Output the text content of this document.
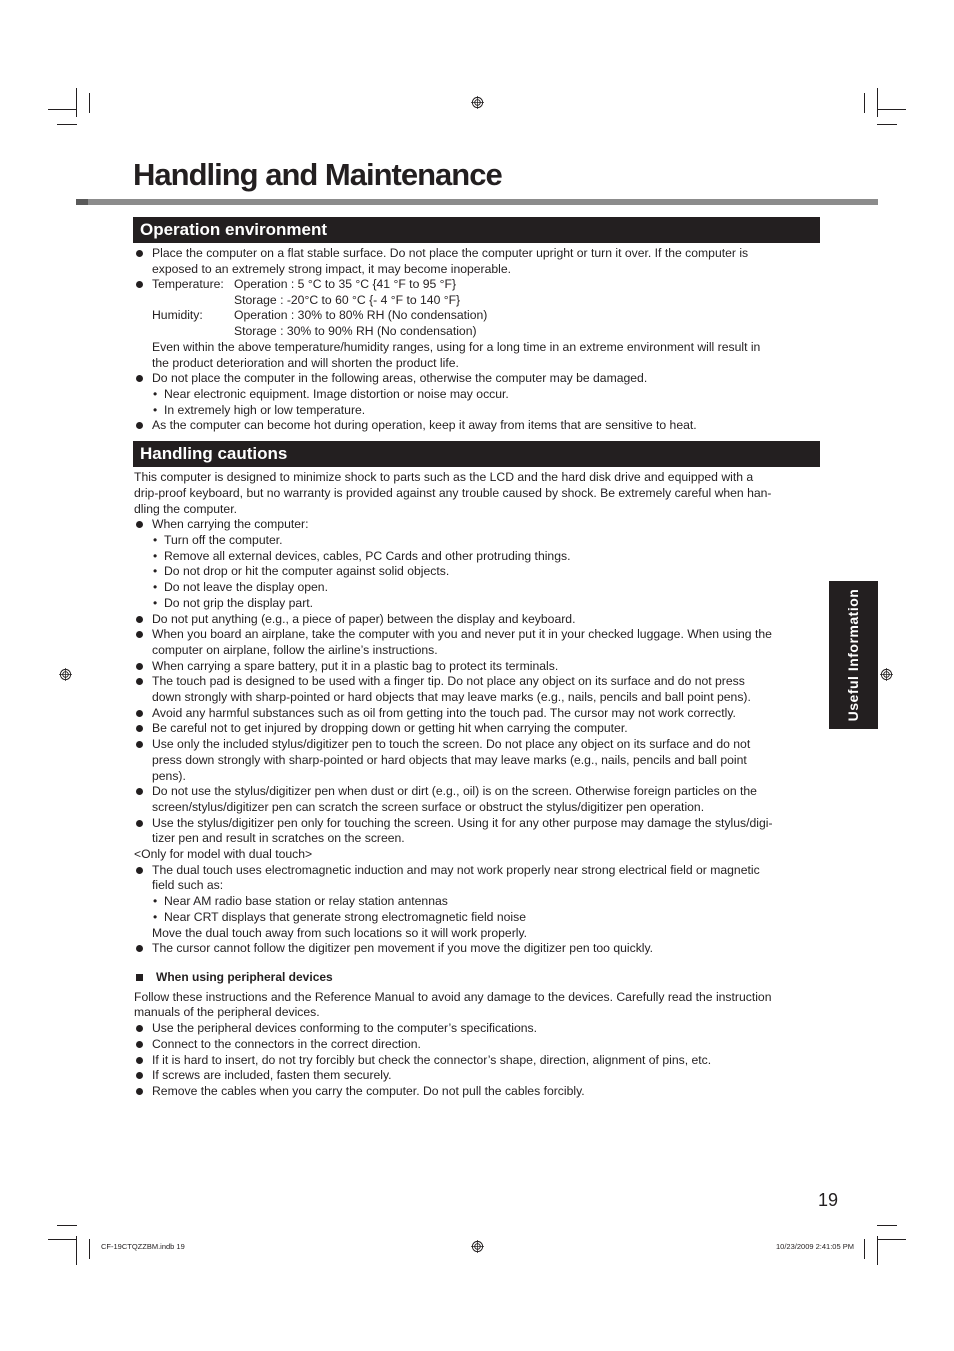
Handling and Maintenance
Operation environment
Place the computer on a flat stable surface. Do not place the computer upright or turn it over. If the computer is
exposed to an extremely strong impact, it may become inoperable.
Temperature: Operation : 5 °C to 35 °C {41 °F to 95 °F}
Storage : -20°C to 60 °C {- 4 °F to 140 °F}
Humidity:	Operation : 30% to 80% RH (No condensation)
Storage : 30% to 90% RH (No condensation)
Even within the above temperature/humidity ranges, using for a long time in an extreme environment will result in
the product deterioration and will shorten the product life.
Do not place the computer in the following areas, otherwise the computer may be damaged.
• Near electronic equipment. Image distortion or noise may occur.
• In extremely high or low temperature.
As the computer can become hot during operation, keep it away from items that are sensitive to heat.
Handling cautions
This computer is designed to minimize shock to parts such as the LCD and the hard disk drive and equipped with a
drip-proof keyboard, but no warranty is provided against any trouble caused by shock. Be extremely careful when han-
dling the computer.
When carrying the computer:
• Turn off the computer.
• Remove all external devices, cables, PC Cards and other protruding things.
• Do not drop or hit the computer against solid objects.
• Do not leave the display open.
• Do not grip the display part.
Do not put anything (e.g., a piece of paper) between the display and keyboard.
When you board an airplane, take the computer with you and never put it in your checked luggage. When using the
computer on airplane, follow the airline’s instructions.
When carrying a spare battery, put it in a plastic bag to protect its terminals.
The touch pad is designed to be used with a finger tip. Do not place any object on its surface and do not press
down strongly with sharp-pointed or hard objects that may leave marks (e.g., nails, pencils and ball point pens).
Avoid any harmful substances such as oil from getting into the touch pad. The cursor may not work correctly.
Be careful not to get injured by dropping down or getting hit when carrying the computer.
Use only the included stylus/digitizer pen to touch the screen. Do not place any object on its surface and do not
press down strongly with sharp-pointed or hard objects that may leave marks (e.g., nails, pencils and ball point
pens).
Do not use the stylus/digitizer pen when dust or dirt (e.g., oil) is on the screen. Otherwise foreign particles on the
screen/stylus/digitizer pen can scratch the screen surface or obstruct the stylus/digitizer pen operation.
Use the stylus/digitizer pen only for touching the screen. Using it for any other purpose may damage the stylus/digi-
tizer pen and result in scratches on the screen.
<Only for model with dual touch>
The dual touch uses electromagnetic induction and may not work properly near strong electrical field or magnetic
field such as:
• Near AM radio base station or relay station antennas
• Near CRT displays that generate strong electromagnetic field noise
Move the dual touch away from such locations so it will work properly.
The cursor cannot follow the digitizer pen movement if you move the digitizer pen too quickly.
When using peripheral devices
Follow these instructions and the Reference Manual to avoid any damage to the devices. Carefully read the instruction
manuals of the peripheral devices.
Use the peripheral devices conforming to the computer’s specifications.
Connect to the connectors in the correct direction.
If it is hard to insert, do not try forcibly but check the connector’s shape, direction, alignment of pins, etc.
If screws are included, fasten them securely.
Remove the cables when you carry the computer. Do not pull the cables forcibly.
Useful Information
19
CF-19CTQZZBM.indb 19	10/23/2009 2:41:05 PM
